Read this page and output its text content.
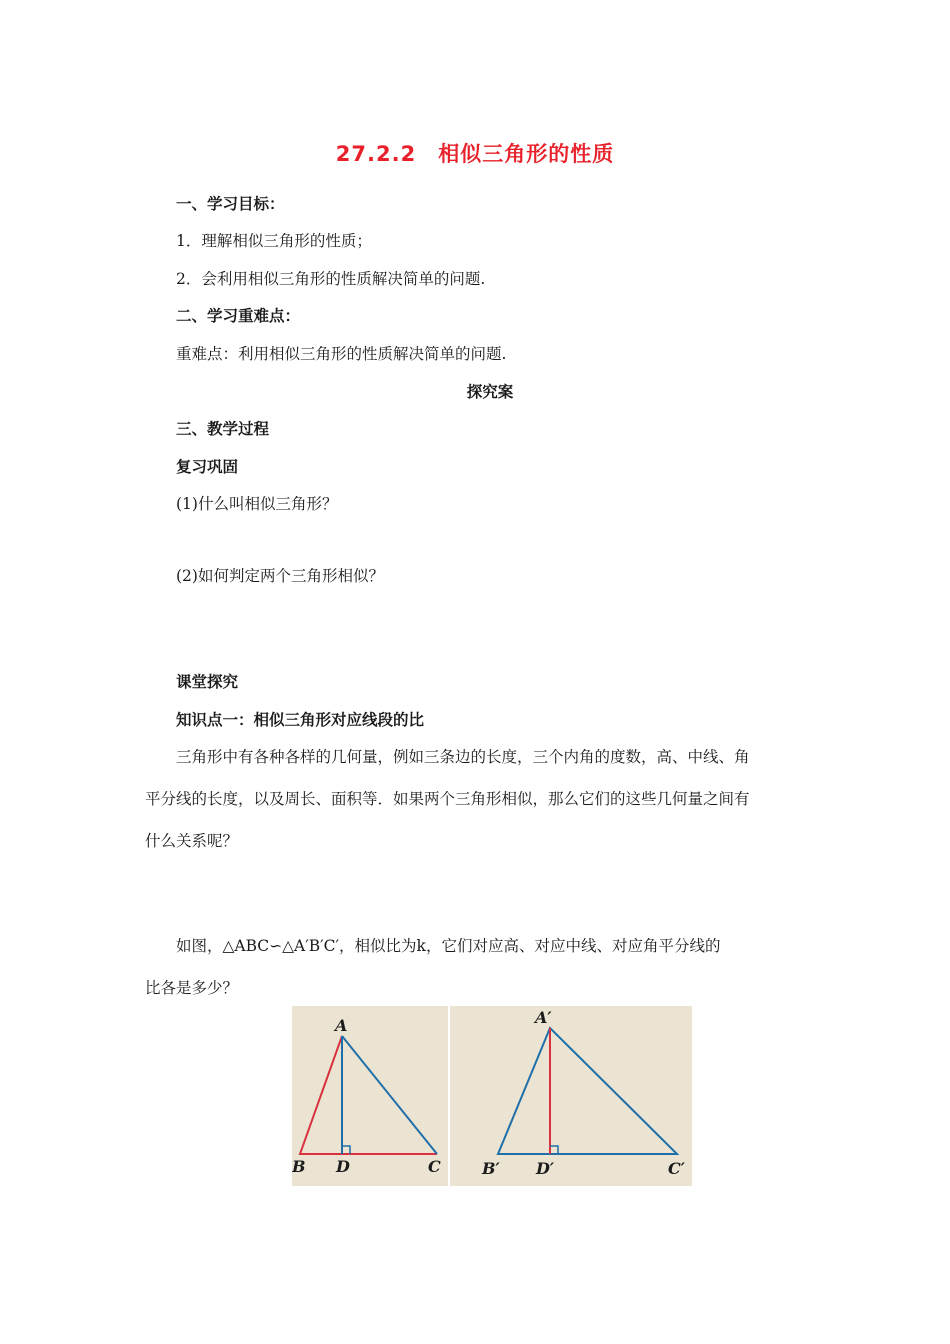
27.2.2　相似三角形的性质
一、学习目标：
1．理解相似三角形的性质；
2．会利用相似三角形的性质解决简单的问题.
二、学习重难点：
重难点：利用相似三角形的性质解决简单的问题.
探究案
三、教学过程
复习巩固
(1)什么叫相似三角形？
(2)如何判定两个三角形相似？
课堂探究
知识点一：相似三角形对应线段的比
三角形中有各种各样的几何量，例如三条边的长度，三个内角的度数，高、中线、角
平分线的长度，以及周长、面积等．如果两个三角形相似，那么它们的这些几何量之间有
什么关系呢？
如图，△ABC∽△A′B′C′，相似比为k，它们对应高、对应中线、对应角平分线的
比各是多少？
A
B D	C
A′
B′ D′	C′
